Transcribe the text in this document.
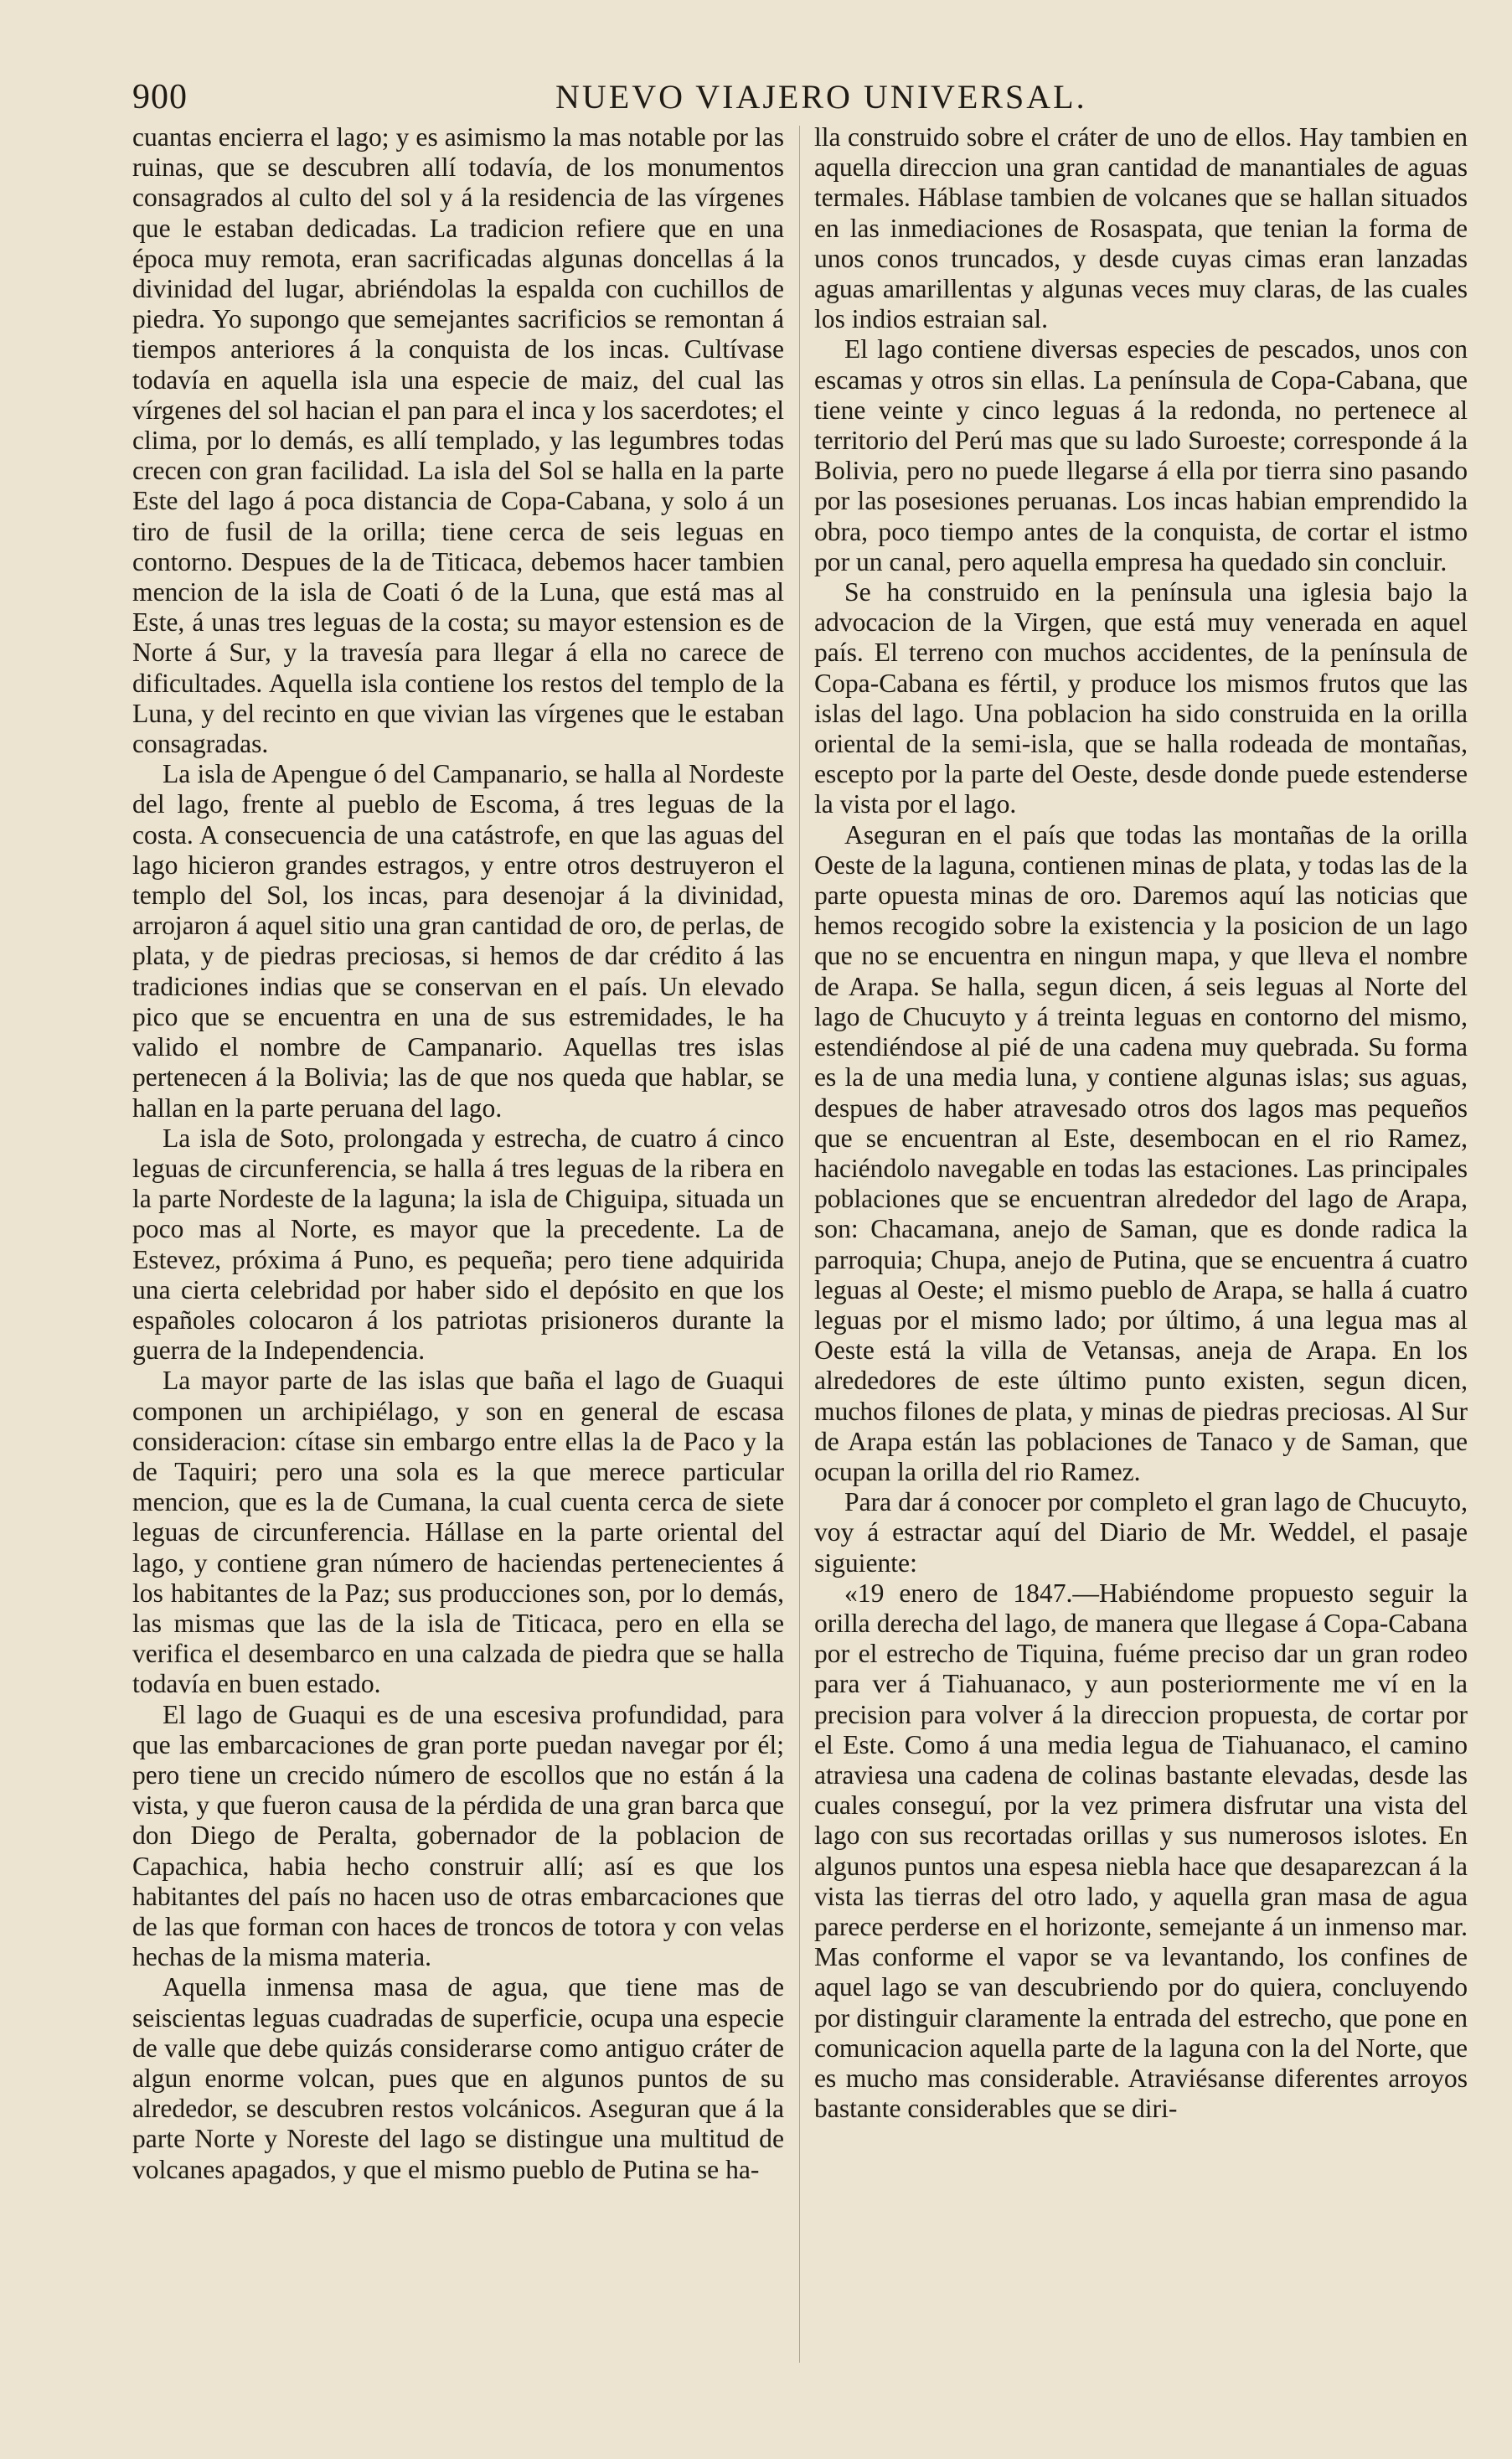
900	NUEVO VIAJERO UNIVERSAL.

cuantas encierra el lago; y es asimismo la mas notable por las ruinas, que se descubren allí todavía, de los monumentos consagrados al culto del sol y á la residencia de las vírgenes que le estaban dedicadas. La tradicion refiere que en una época muy remota, eran sacrificadas algunas doncellas á la divinidad del lugar, abriéndolas la espalda con cuchillos de piedra. Yo supongo que semejantes sacrificios se remontan á tiempos anteriores á la conquista de los incas. Cultívase todavía en aquella isla una especie de maiz, del cual las vírgenes del sol hacian el pan para el inca y los sacerdotes; el clima, por lo demás, es allí templado, y las legumbres todas crecen con gran facilidad. La isla del Sol se halla en la parte Este del lago á poca distancia de Copa-Cabana, y solo á un tiro de fusil de la orilla; tiene cerca de seis leguas en contorno. Despues de la de Titicaca, debemos hacer tambien mencion de la isla de Coati ó de la Luna, que está mas al Este, á unas tres leguas de la costa; su mayor estension es de Norte á Sur, y la travesía para llegar á ella no carece de dificultades. Aquella isla contiene los restos del templo de la Luna, y del recinto en que vivian las vírgenes que le estaban consagradas.

La isla de Apengue ó del Campanario, se halla al Nordeste del lago, frente al pueblo de Escoma, á tres leguas de la costa. A consecuencia de una catástrofe, en que las aguas del lago hicieron grandes estragos, y entre otros destruyeron el templo del Sol, los incas, para desenojar á la divinidad, arrojaron á aquel sitio una gran cantidad de oro, de perlas, de plata, y de piedras preciosas, si hemos de dar crédito á las tradiciones indias que se conservan en el país. Un elevado pico que se encuentra en una de sus estremidades, le ha valido el nombre de Campanario. Aquellas tres islas pertenecen á la Bolivia; las de que nos queda que hablar, se hallan en la parte peruana del lago.

La isla de Soto, prolongada y estrecha, de cuatro á cinco leguas de circunferencia, se halla á tres leguas de la ribera en la parte Nordeste de la laguna; la isla de Chiguipa, situada un poco mas al Norte, es mayor que la precedente. La de Estevez, próxima á Puno, es pequeña; pero tiene adquirida una cierta celebridad por haber sido el depósito en que los españoles colocaron á los patriotas prisioneros durante la guerra de la Independencia.

La mayor parte de las islas que baña el lago de Guaqui componen un archipiélago, y son en general de escasa consideracion: cítase sin embargo entre ellas la de Paco y la de Taquiri; pero una sola es la que merece particular mencion, que es la de Cumana, la cual cuenta cerca de siete leguas de circunferencia. Hállase en la parte oriental del lago, y contiene gran número de haciendas pertenecientes á los habitantes de la Paz; sus producciones son, por lo demás, las mismas que las de la isla de Titicaca, pero en ella se verifica el desembarco en una calzada de piedra que se halla todavía en buen estado.

El lago de Guaqui es de una escesiva profundidad, para que las embarcaciones de gran porte puedan navegar por él; pero tiene un crecido número de escollos que no están á la vista, y que fueron causa de la pérdida de una gran barca que don Diego de Peralta, gobernador de la poblacion de Capachica, habia hecho construir allí; así es que los habitantes del país no hacen uso de otras embarcaciones que de las que forman con haces de troncos de totora y con velas hechas de la misma materia.

Aquella inmensa masa de agua, que tiene mas de seiscientas leguas cuadradas de superficie, ocupa una especie de valle que debe quizás considerarse como antiguo cráter de algun enorme volcan, pues que en algunos puntos de su alrededor, se descubren restos volcánicos. Aseguran que á la parte Norte y Noreste del lago se distingue una multitud de volcanes apagados, y que el mismo pueblo de Putina se ha-

lla construido sobre el cráter de uno de ellos. Hay tambien en aquella direccion una gran cantidad de manantiales de aguas termales. Háblase tambien de volcanes que se hallan situados en las inmediaciones de Rosaspata, que tenian la forma de unos conos truncados, y desde cuyas cimas eran lanzadas aguas amarillentas y algunas veces muy claras, de las cuales los indios estraian sal.

El lago contiene diversas especies de pescados, unos con escamas y otros sin ellas. La península de Copa-Cabana, que tiene veinte y cinco leguas á la redonda, no pertenece al territorio del Perú mas que su lado Suroeste; corresponde á la Bolivia, pero no puede llegarse á ella por tierra sino pasando por las posesiones peruanas. Los incas habian emprendido la obra, poco tiempo antes de la conquista, de cortar el istmo por un canal, pero aquella empresa ha quedado sin concluir.

Se ha construido en la península una iglesia bajo la advocacion de la Virgen, que está muy venerada en aquel país. El terreno con muchos accidentes, de la península de Copa-Cabana es fértil, y produce los mismos frutos que las islas del lago. Una poblacion ha sido construida en la orilla oriental de la semi-isla, que se halla rodeada de montañas, escepto por la parte del Oeste, desde donde puede estenderse la vista por el lago.

Aseguran en el país que todas las montañas de la orilla Oeste de la laguna, contienen minas de plata, y todas las de la parte opuesta minas de oro. Daremos aquí las noticias que hemos recogido sobre la existencia y la posicion de un lago que no se encuentra en ningun mapa, y que lleva el nombre de Arapa. Se halla, segun dicen, á seis leguas al Norte del lago de Chucuyto y á treinta leguas en contorno del mismo, estendiéndose al pié de una cadena muy quebrada. Su forma es la de una media luna, y contiene algunas islas; sus aguas, despues de haber atravesado otros dos lagos mas pequeños que se encuentran al Este, desembocan en el rio Ramez, haciéndolo navegable en todas las estaciones. Las principales poblaciones que se encuentran alrededor del lago de Arapa, son: Chacamana, anejo de Saman, que es donde radica la parroquia; Chupa, anejo de Putina, que se encuentra á cuatro leguas al Oeste; el mismo pueblo de Arapa, se halla á cuatro leguas por el mismo lado; por último, á una legua mas al Oeste está la villa de Vetansas, aneja de Arapa. En los alrededores de este último punto existen, segun dicen, muchos filones de plata, y minas de piedras preciosas. Al Sur de Arapa están las poblaciones de Tanaco y de Saman, que ocupan la orilla del rio Ramez.

Para dar á conocer por completo el gran lago de Chucuyto, voy á estractar aquí del Diario de Mr. Weddel, el pasaje siguiente:

«19 enero de 1847.—Habiéndome propuesto seguir la orilla derecha del lago, de manera que llegase á Copa-Cabana por el estrecho de Tiquina, fuéme preciso dar un gran rodeo para ver á Tiahuanaco, y aun posteriormente me ví en la precision para volver á la direccion propuesta, de cortar por el Este. Como á una media legua de Tiahuanaco, el camino atraviesa una cadena de colinas bastante elevadas, desde las cuales conseguí, por la vez primera disfrutar una vista del lago con sus recortadas orillas y sus numerosos islotes. En algunos puntos una espesa niebla hace que desaparezcan á la vista las tierras del otro lado, y aquella gran masa de agua parece perderse en el horizonte, semejante á un inmenso mar. Mas conforme el vapor se va levantando, los confines de aquel lago se van descubriendo por do quiera, concluyendo por distinguir claramente la entrada del estrecho, que pone en comunicacion aquella parte de la laguna con la del Norte, que es mucho mas considerable. Atraviésanse diferentes arroyos bastante considerables que se diri-
